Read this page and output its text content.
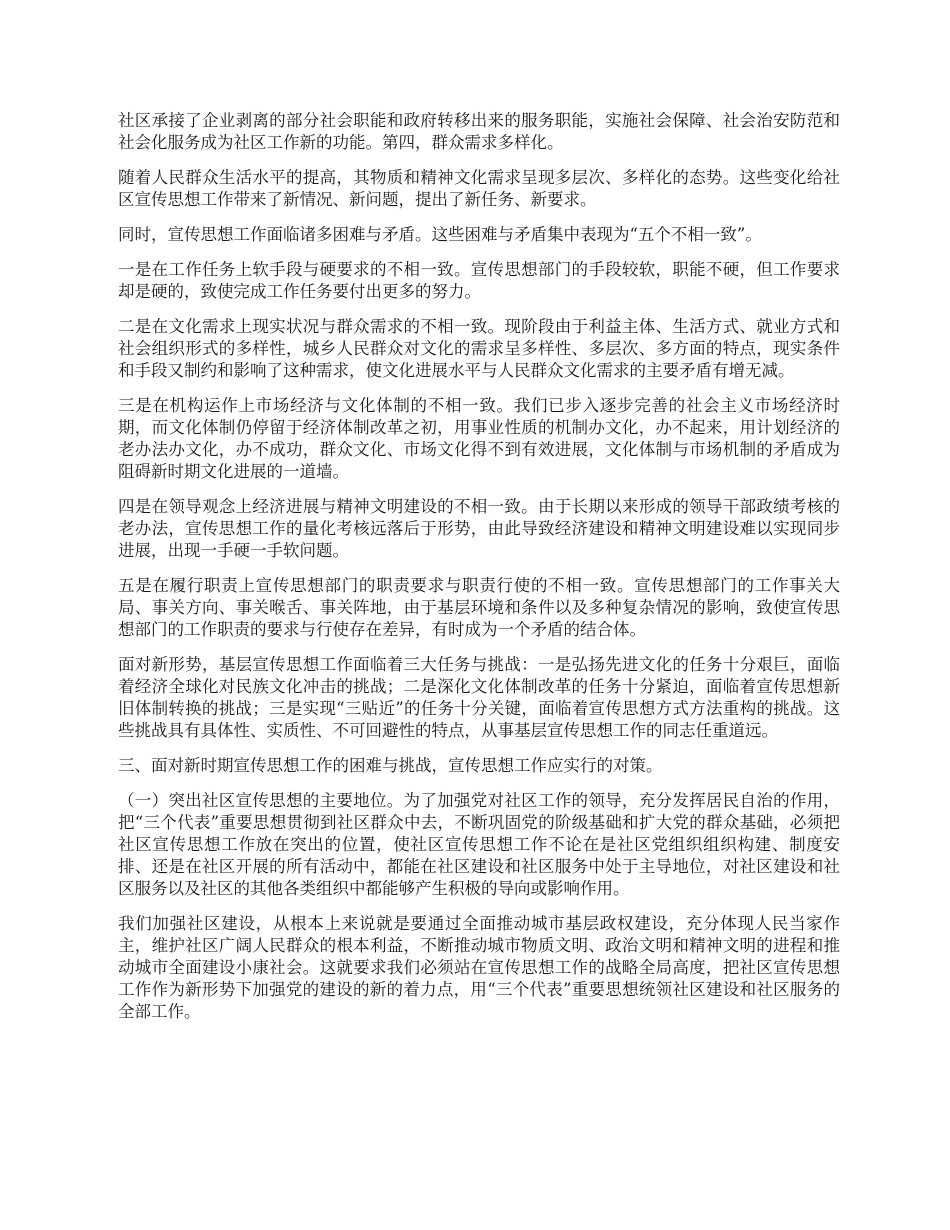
社区承接了企业剥离的部分社会职能和政府转移出来的服务职能，实施社会保障、社会治安防范和社会化服务成为社区工作新的功能。第四，群众需求多样化。

随着人民群众生活水平的提高，其物质和精神文化需求呈现多层次、多样化的态势。这些变化给社区宣传思想工作带来了新情况、新问题，提出了新任务、新要求。

同时，宣传思想工作面临诸多困难与矛盾。这些困难与矛盾集中表现为“五个不相一致”。

一是在工作任务上软手段与硬要求的不相一致。宣传思想部门的手段较软，职能不硬，但工作要求却是硬的，致使完成工作任务要付出更多的努力。

二是在文化需求上现实状况与群众需求的不相一致。现阶段由于利益主体、生活方式、就业方式和社会组织形式的多样性，城乡人民群众对文化的需求呈多样性、多层次、多方面的特点，现实条件和手段又制约和影响了这种需求，使文化进展水平与人民群众文化需求的主要矛盾有增无减。

三是在机构运作上市场经济与文化体制的不相一致。我们已步入逐步完善的社会主义市场经济时期，而文化体制仍停留于经济体制改革之初，用事业性质的机制办文化，办不起来，用计划经济的老办法办文化，办不成功，群众文化、市场文化得不到有效进展，文化体制与市场机制的矛盾成为阻碍新时期文化进展的一道墙。

四是在领导观念上经济进展与精神文明建设的不相一致。由于长期以来形成的领导干部政绩考核的老办法，宣传思想工作的量化考核远落后于形势，由此导致经济建设和精神文明建设难以实现同步进展，出现一手硬一手软问题。

五是在履行职责上宣传思想部门的职责要求与职责行使的不相一致。宣传思想部门的工作事关大局、事关方向、事关喉舌、事关阵地，由于基层环境和条件以及多种复杂情况的影响，致使宣传思想部门的工作职责的要求与行使存在差异，有时成为一个矛盾的结合体。

面对新形势，基层宣传思想工作面临着三大任务与挑战：一是弘扬先进文化的任务十分艰巨，面临着经济全球化对民族文化冲击的挑战；二是深化文化体制改革的任务十分紧迫，面临着宣传思想新旧体制转换的挑战；三是实现“三贴近”的任务十分关键，面临着宣传思想方式方法重构的挑战。这些挑战具有具体性、实质性、不可回避性的特点，从事基层宣传思想工作的同志任重道远。

三、面对新时期宣传思想工作的困难与挑战，宣传思想工作应实行的对策。

（一）突出社区宣传思想的主要地位。为了加强党对社区工作的领导，充分发挥居民自治的作用，把“三个代表”重要思想贯彻到社区群众中去，不断巩固党的阶级基础和扩大党的群众基础，必须把社区宣传思想工作放在突出的位置，使社区宣传思想工作不论在是社区党组织组织构建、制度安排、还是在社区开展的所有活动中，都能在社区建设和社区服务中处于主导地位，对社区建设和社区服务以及社区的其他各类组织中都能够产生积极的导向或影响作用。

我们加强社区建设，从根本上来说就是要通过全面推动城市基层政权建设，充分体现人民当家作主，维护社区广阔人民群众的根本利益，不断推动城市物质文明、政治文明和精神文明的进程和推动城市全面建设小康社会。这就要求我们必须站在宣传思想工作的战略全局高度，把社区宣传思想工作作为新形势下加强党的建设的新的着力点，用“三个代表”重要思想统领社区建设和社区服务的全部工作。
